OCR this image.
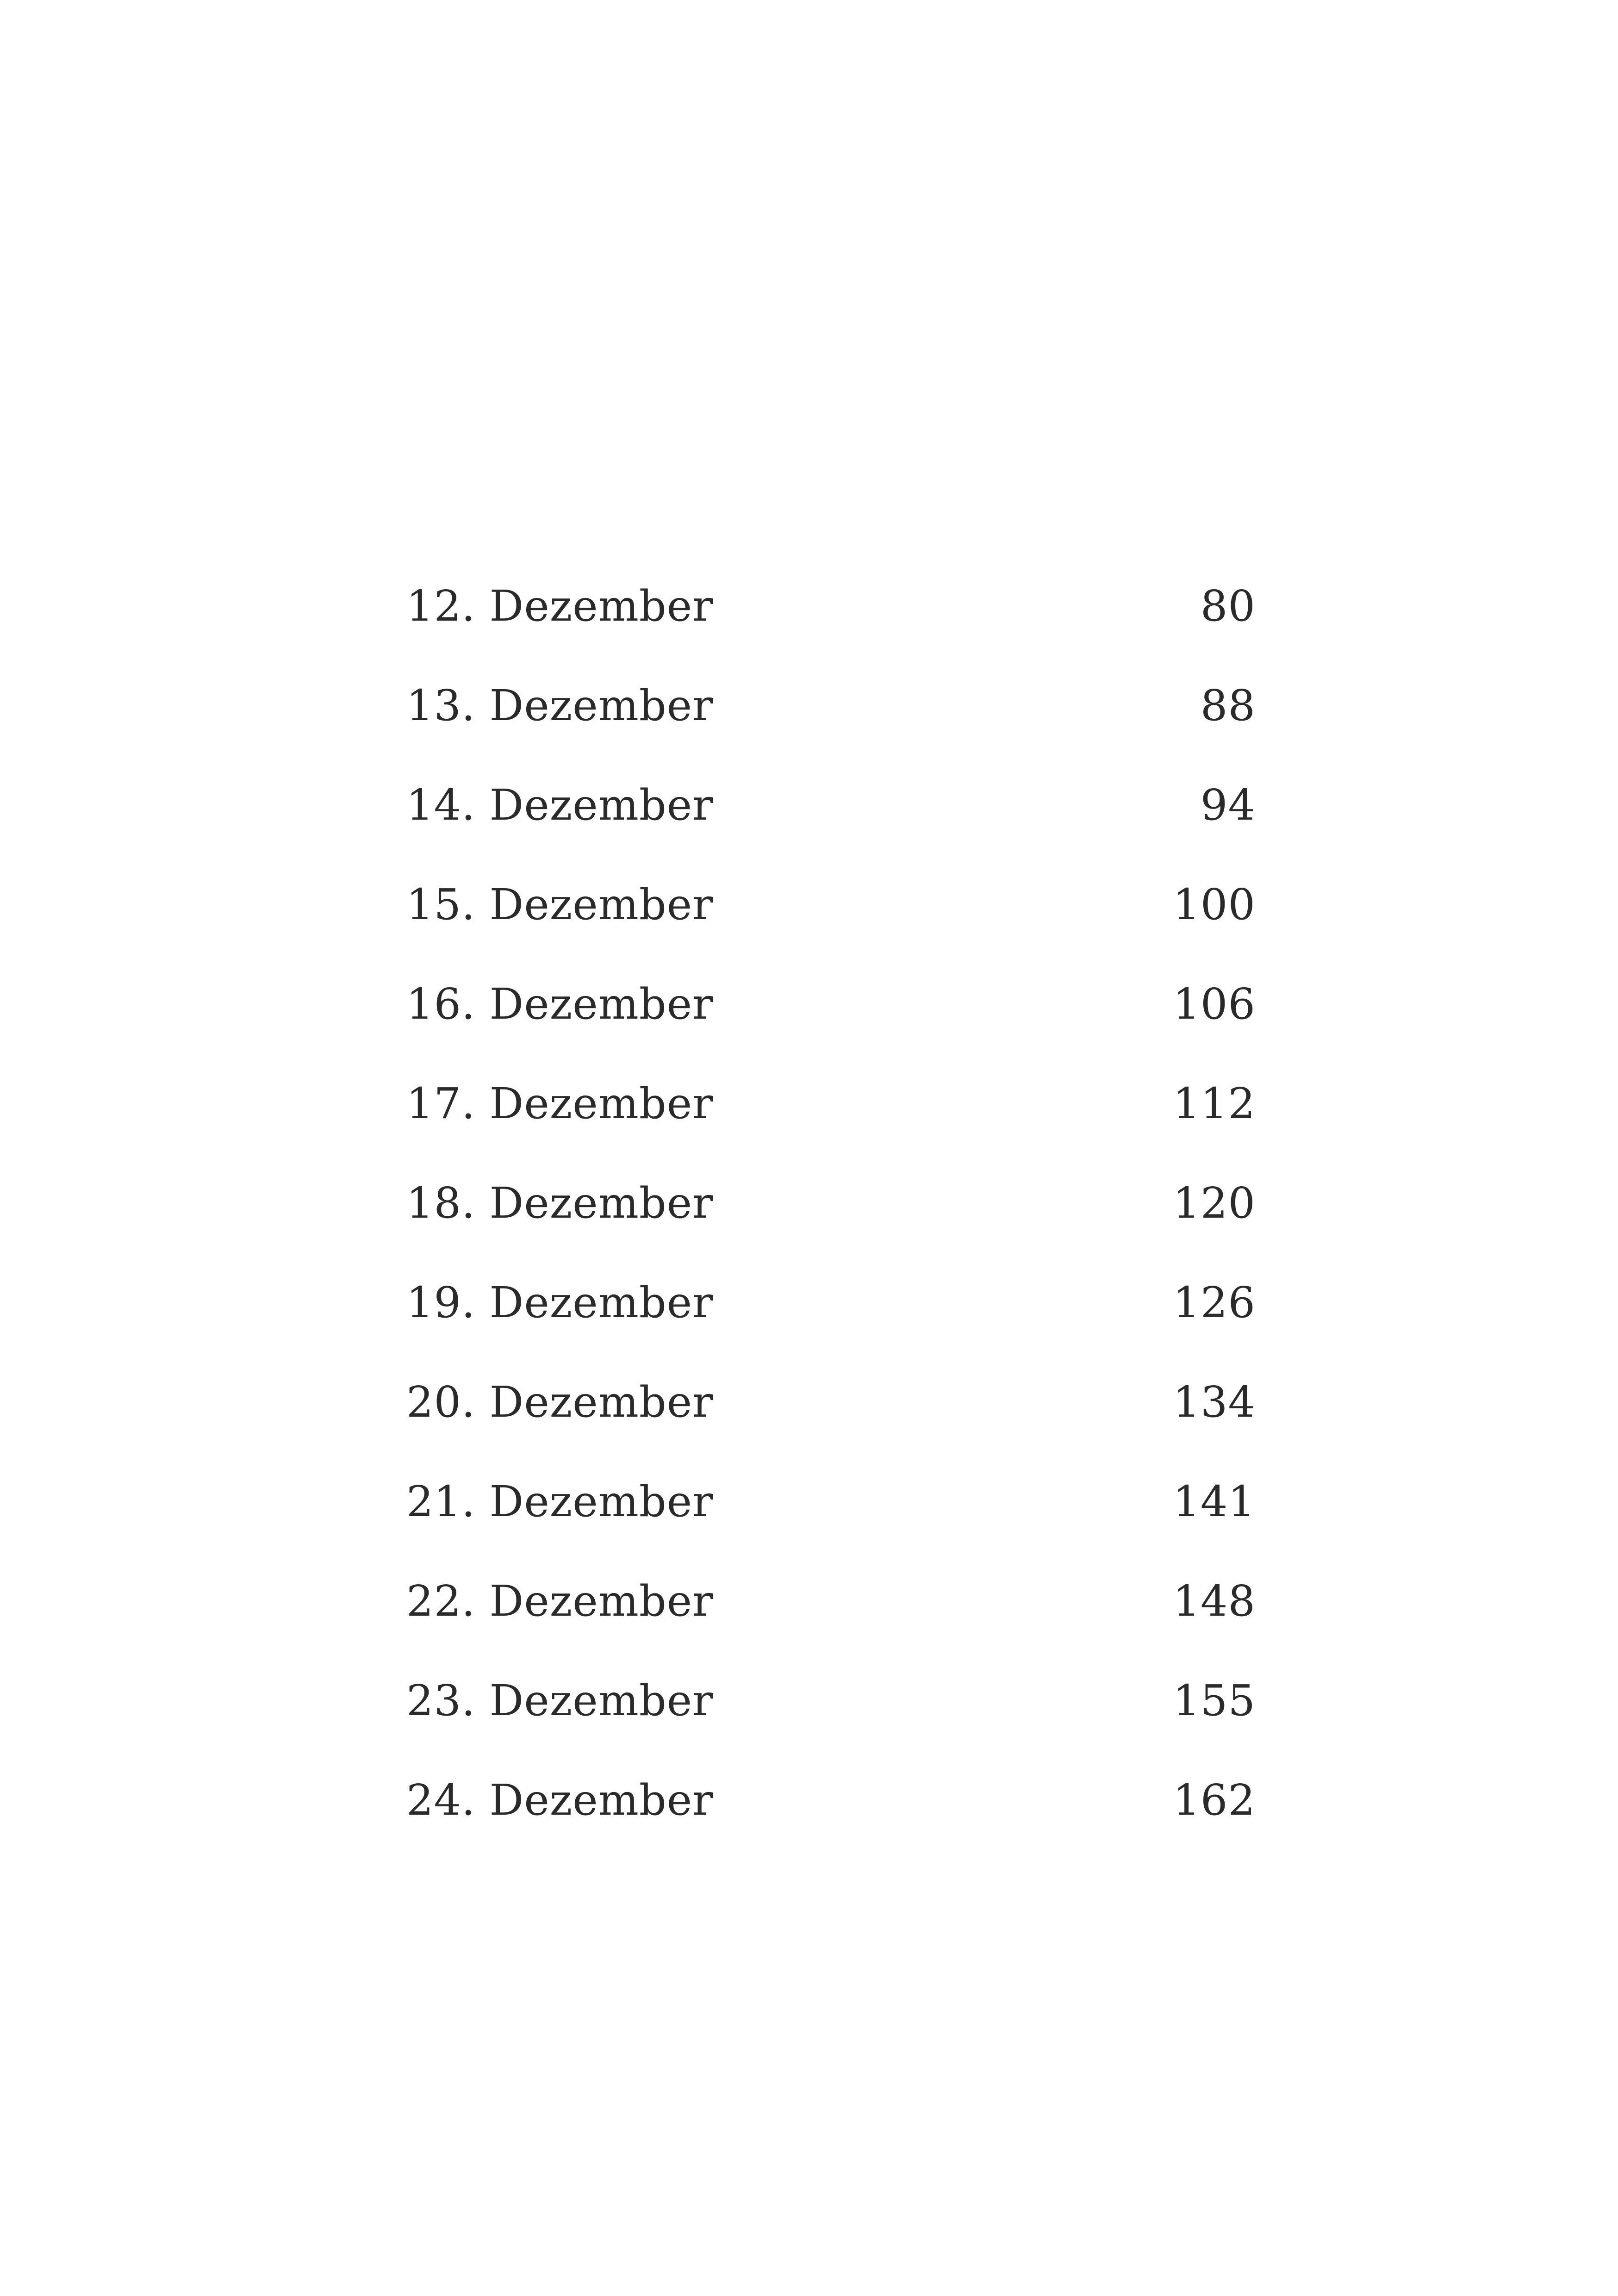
12. Dezember	80
13. Dezember	88
14. Dezember	94
15. Dezember	100
16. Dezember	106
17. Dezember	112
18. Dezember	120
19. Dezember	126
20. Dezember	134
21. Dezember	141
22. Dezember	148
23. Dezember	155
24. Dezember	162
